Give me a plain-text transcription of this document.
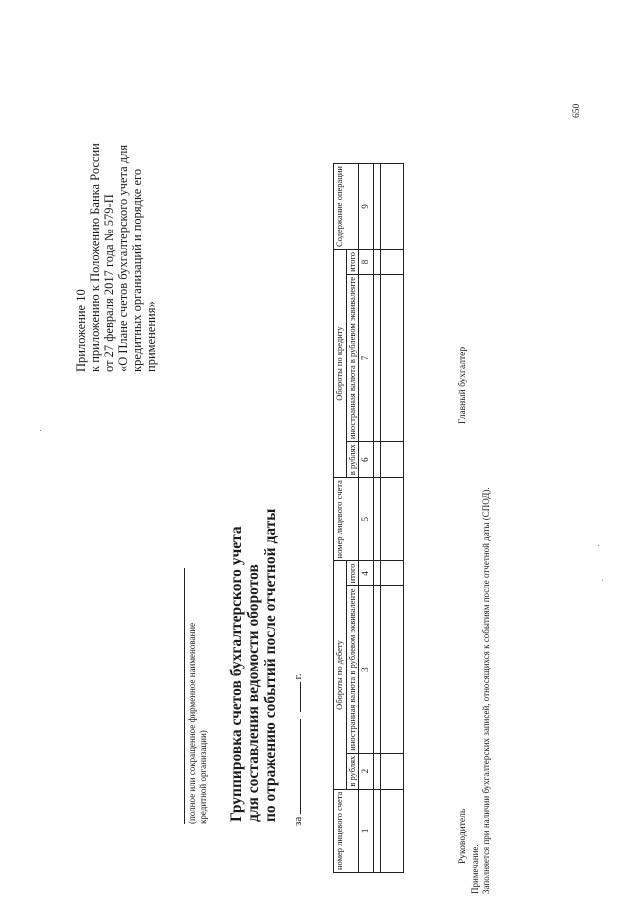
Приложение 10 к приложению к Положению Банка России от 27 февраля 2017 года № 579-П «О Плане счетов бухгалтерского учета для кредитных организаций и порядке его применения»
(полное или сокращенное фирменное наименование кредитной организации) Группировка счетов бухгалтерского учета для составления ведомости оборотов по отражению событий после отчетной даты за   г.
номер лицевого счета	Обороты по дебету			номер лицевого счета	Обороты по кредиту			Содержание операции
	в рублях	иностранная валюта в рублевом эквиваленте	итого		в рублях	иностранная валюта в рублевом эквиваленте	итого	
1	2	3	4	5	6	7	8	9

Руководитель  Главный бухгалтер
Примечание. Заполняется при наличии бухгалтерских записей, относящихся к событиям после отчетной даты (СПОД).
650
